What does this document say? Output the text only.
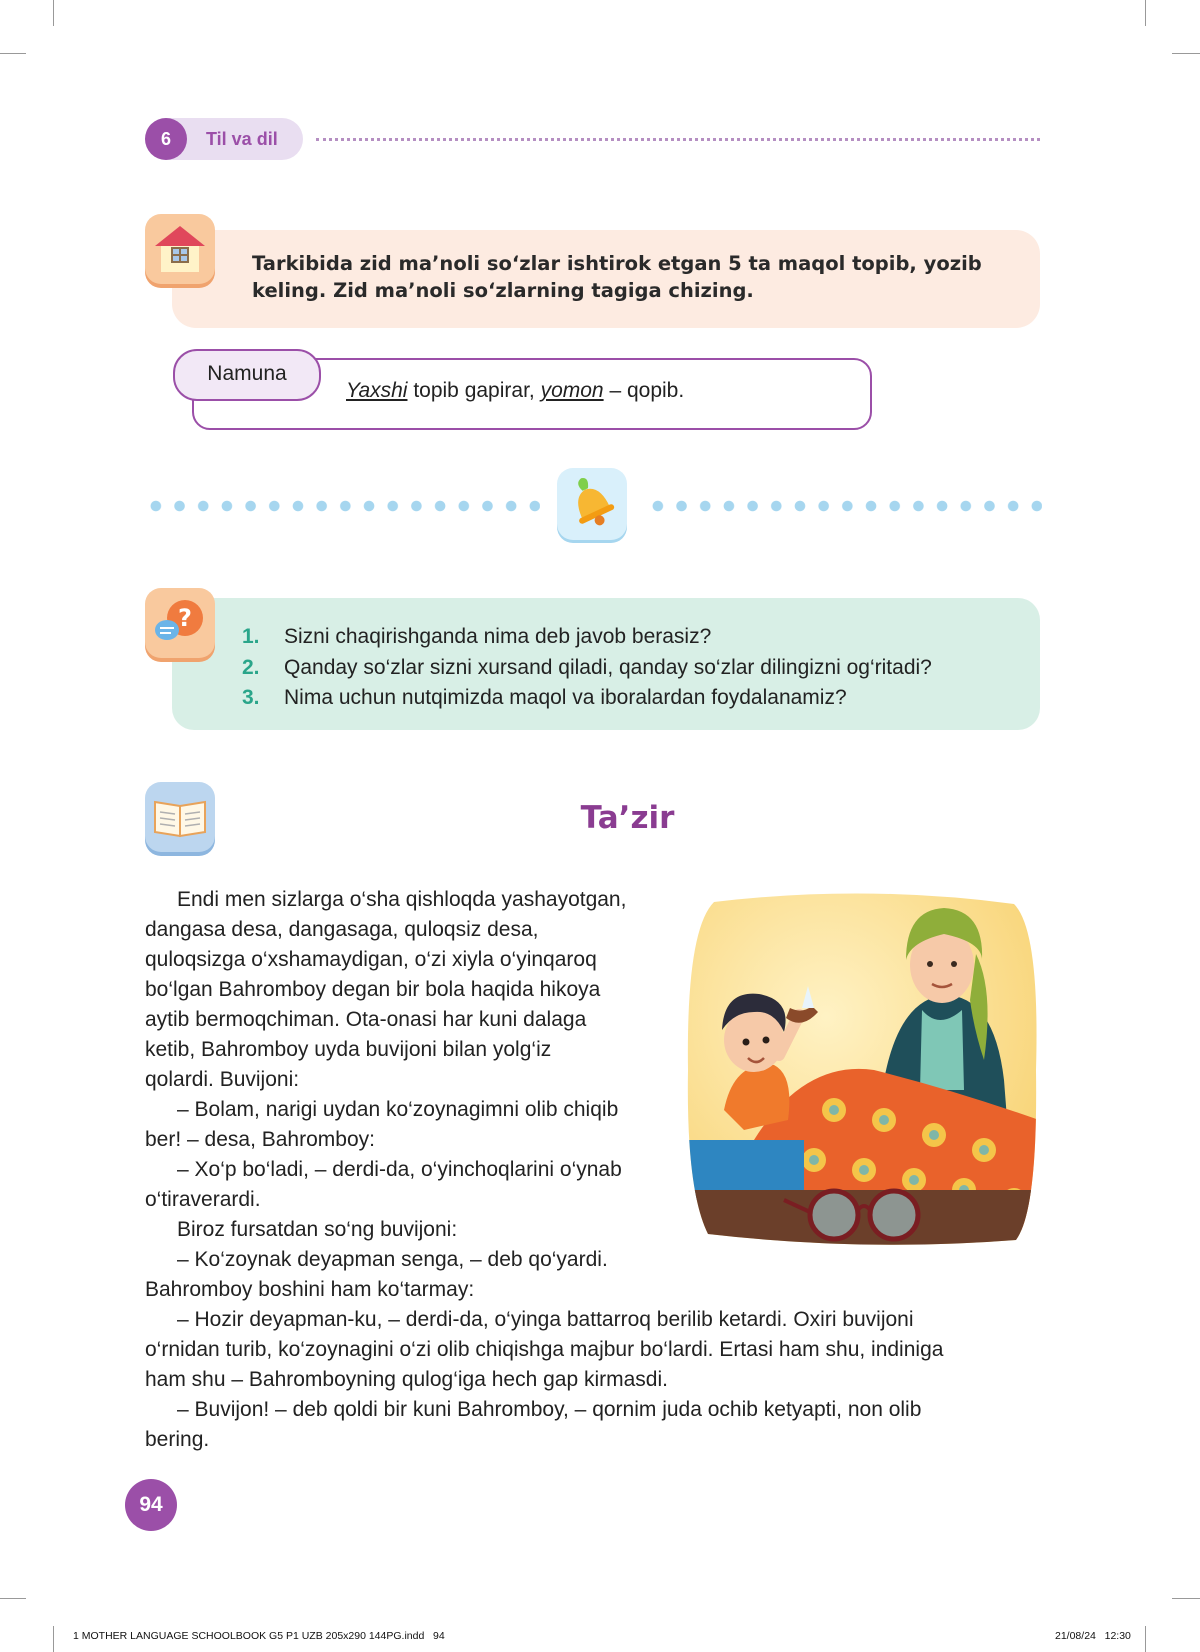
6	Til va dil
Tarkibida zid ma’noli so‘zlar ishtirok etgan 5 ta maqol topib, yozib
keling. Zid ma’noli so‘zlarning tagiga chizing.
Namuna
Yaxshi topib gapirar, yomon – qopib.
?
1. Sizni chaqirishganda nima deb javob berasiz?
2. Qanday so‘zlar sizni xursand qiladi, qanday so‘zlar dilingizni og‘ritadi?
3. Nima uchun nutqimizda maqol va iboralardan foydalanamiz?
Ta’zir
Endi men sizlarga o‘sha qishloqda yashayotgan,
dangasa desa, dangasaga, quloqsiz desa,
quloqsizga o‘xshamaydigan, o‘zi xiyla o‘yinqaroq
bo‘lgan Bahromboy degan bir bola haqida hikoya
aytib bermoqchiman. Ota-onasi har kuni dalaga
ketib, Bahromboy uyda buvijoni bilan yolg‘iz
qolardi. Buvijoni:
– Bolam, narigi uydan ko‘zoynagimni olib chiqib
ber! – desa, Bahromboy:
– Xo‘p bo‘ladi, – derdi-da, o‘yinchoqlarini o‘ynab
o‘tiraverardi.
Biroz fursatdan so‘ng buvijoni:
– Ko‘zoynak deyapman senga, – deb qo‘yardi.
Bahromboy boshini ham ko‘tarmay:
– Hozir deyapman-ku, – derdi-da, o‘yinga battarroq berilib ketardi. Oxiri buvijoni
o‘rnidan turib, ko‘zoynagini o‘zi olib chiqishga majbur bo‘lardi. Ertasi ham shu, indiniga
ham shu – Bahromboyning qulog‘iga hech gap kirmasdi.
– Buvijon! – deb qoldi bir kuni Bahromboy, – qornim juda ochib ketyapti, non olib
bering.
94
1 MOTHER LANGUAGE SCHOOLBOOK G5 P1 UZB 205x290 144PG.indd   94	21/08/24   12:30
